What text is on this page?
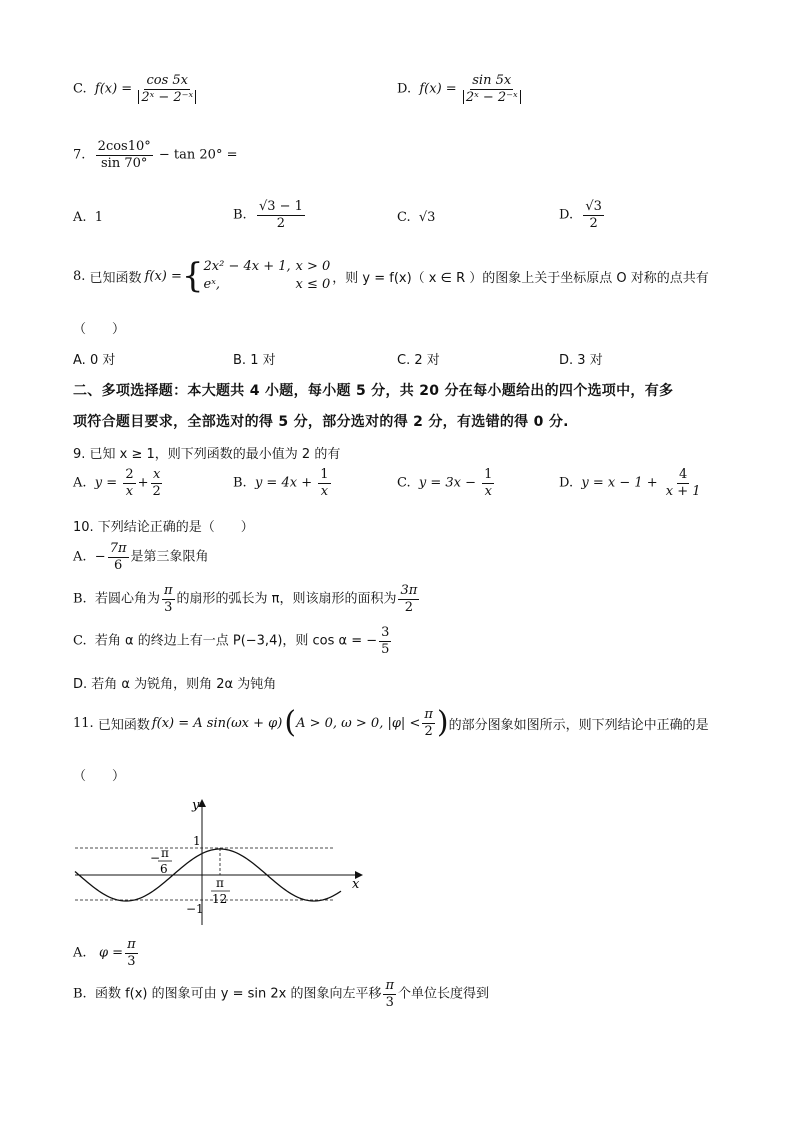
C. $f(x) = \frac{\cos 5x}{\text{2ˣ − 2⁻ˣ}}$	D. $f(x) = \frac{\sin 5x}{\text{2ˣ − 2⁻ˣ}}$
7. $\frac{2\cos 10^\circ}{\sin 70^\circ} - \tan 20^\circ$ =
A. 1	B. $\frac{√3 - 1}{2}$	C. √3	D. $\frac{√3}{2}$
8.
已知函数 f(x) = { 2x² − 4x + 1, x > 0
eˣ,	x ≤ 0 ，则 y = f(x)（ x ∈ R ）的图象上关于坐标原点 O 对称的点共有
（　　）
A. 0 对	B. 1 对	C. 2 对	D. 3 对
二、多项选择题：本大题共 4 小题，每小题 5 分，共 20 分在每小题给出的四个选项中，有多
项符合题目要求，全部选对的得 5 分，部分选对的得 2 分，有选错的得 0 分.
9. 已知 x ≥ 1，则下列函数的最小值为 2 的有
A. $y = \frac{2}{x} + \frac{x}{2}$	B. $y = 4x + \frac{1}{x}$	C. $y = 3x - \frac{1}{x}$	D. $y = x - 1 + \frac{4}{x + 1}$
10. 下列结论正确的是（　　）
A. − $\frac{7\pi}{6}$ 是第三象限角
B. 若圆心角为 $\frac{\pi}{3}$ 的扇形的弧长为 π，则该扇形的面积为 $\frac{3\pi}{2}$
C. 若角 α 的终边上有一点 P(−3,4)，则 cos α = − $\frac{3}{5}$
D. 若角 α 为锐角，则角 2α 为钝角
11.
已知函数 f(x) = A sin(ωx + φ) ( A > 0, ω > 0, $|\varphi| < \frac{\pi}{2}$ ) 的部分图象如图所示，则下列结论中正确的是
（　　）
y
x
1
−1
− π
6
π
12
A. $\varphi = \frac{\pi}{3}$
B. 函数 f(x) 的图象可由 y = sin 2x 的图象向左平移 $\frac{\pi}{3}$ 个单位长度得到
